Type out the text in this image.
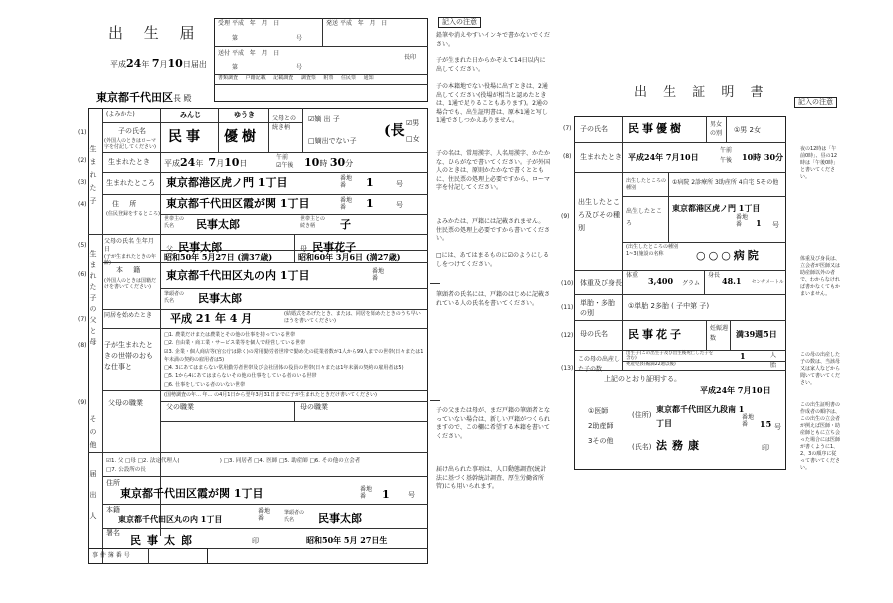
出 生 届
平成24年 7月10日届出
東京都千代田区長 殿
受理 平成 年 月 日	発送 平成 年 月 日
第	号
送付 平成 年 月 日
第	号
長印
書類調査 戸籍記載 記載調査 調査票 附票 住民票 通知
(1)
(2)
(3)
(4)
(5)
(6)
(7)
(8)
(9)
生まれた子
生まれた子の父と母
その他
届出人
(よみかた)	みんじ	ゆうき
子の氏名
(外国人のときはローマ字を付記してください)
民事 優樹
父母との続き柄
☑嫡 出 子
□嫡出でない子
(長 ☑男
□女
生まれたとき 平成24年 7月10日
午前
☑午後 10時 30分
生まれたところ 東京都港区虎ノ門 1丁目	番地
番	1	号
住 所
(住民登録をするところ)
東京都千代田区霞が関 1丁目	番地
番	1	号
世帯主の氏名	民事太郎	世帯主との続き柄	子
父母の氏名 生年月日
(子が生まれたときの年齢)
父 民事太郎	母 民事花子
昭和50年 5月27日 (満37歳)	昭和60年 3月6日 (満27歳)
本 籍
(外国人のときは国籍だけを書いてください)
東京都千代田区丸の内 1丁目	番地
番
筆頭者の氏名	民事太郎
同居を始めたとき	平成 21 年 4 月	(結婚式をあげたとき、または、同居を始めたときのうち早いほうを書いてください)
子が生まれたときの世帯のおもな仕事と
□1. 農業だけまたは農業とその他の仕事を持っている世帯
□2. 自由業・商工業・サービス業等を個人で経営している世帯
☑3. 企業・個人商店等(官公庁は除く)の常用勤労者世帯で勤め先の従業者数が1人から99人までの世帯(日々または1年未満の契約の雇用者は5)
□4. 3にあてはまらない常用勤労者世帯及び会社団体の役員の世帯(日々または1年未満の契約の雇用者は5)
□5. 1から4にあてはまらないその他の仕事をしている者のいる世帯
□6. 仕事をしている者のいない世帯
父母の職業
(国勢調査の年… 年… の4月1日から翌年3月31日までに子が生まれたときだけ書いてください)
父の職業	母の職業
☑1. 父 □母 □2. 法定代理人(	) □3. 同居者 □4. 医師 □5. 助産師 □6. その他の立会者
□7. 公設所の長
住所
東京都千代田区霞が関 1丁目	番地
番	1	号
本籍
東京都千代田区丸の内 1丁目
番地
番
筆頭者の氏名	民事太郎
署名
民事太郎	印	昭和50年 5月 27日生
事 件 簿 番 号
記入の注意
鉛筆や消えやすいインキで書かないでください。
子が生まれた日からかぞえて14日以内に出してください。
子の本籍地でない役場に出すときは、2通出してください(役場が相当と認めたときは、1通で足りることもあります)。2通の場合でも、出生証明書は、原本1通と写し1通でさしつかえありません。
子の名は、常用漢字、人名用漢字、かたかな、ひらがなで書いてください。子が外国人のときは、原則かたかなで書くとともに、住民票の処理上必要ですから、ローマ字を付記してください。
よみかたは、戸籍には記載されません。住民票の処理上必要ですから書いてください。
□には、あてはまるものに☑のようにしるしをつけてください。
筆頭者の氏名には、戸籍のはじめに記載されている人の氏名を書いてください。
子の父または母が、まだ戸籍の筆頭者となっていない場合は、新しい戸籍がつくられますので、この欄に希望する本籍を書いてください。
届け出られた事項は、人口動態調査(統計法に基づく基幹統計調査、厚生労働省所管)にも用いられます。
出 生 証 明 書
記入の注意
(7)
(8)
(9)
(10)
(11)
(12)
(13)
子の氏名 民事優樹	男女の別 ①男 2女
生まれたとき 平成24年 7月10日
午前
午後 10時 30分
出生したところ及びその種別
出生したところの種別
①病院 2診療所 3助産所 4自宅 5その他
出生したところ
東京都港区虎ノ門 1丁目
番地
番	1 号
(出生したところの種別1~3)施設の名称	○○○病院
体重及び身長
体重
3,400 グラム
身長
48.1 センチメートル
単胎・多胎の別
①単胎 2多胎 ( 子中第 子)
母の氏名 民事花子	妊娠週数	満39週5日
この母の出産した子の数
出生子(この出生子及び出生後死亡した子を含む)	1	人
死産児(妊娠満22週以後)	胎
上記のとおり証明する。
平成24年 7月10日
①医師
2助産師
3その他
(住所)
東京都千代田区九段南 1丁目
番地
番	15 号
(氏名) 法務康	印
夜の12時は「午前0時」、昼の12時は「午後0時」と書いてください。
体重及び身長は、立会者が医師又は助産師以外の者で、わからなければ書かなくてもかまいません。
この母の出産した子の数は、当該母又は家人などから聞いて書いてください。
この出生証明書の作成者の順序は、この出生の立会者が例えば医師・助産師ともに立ち会った場合には医師が書くように1、2、3の順序に従って書いてください。
